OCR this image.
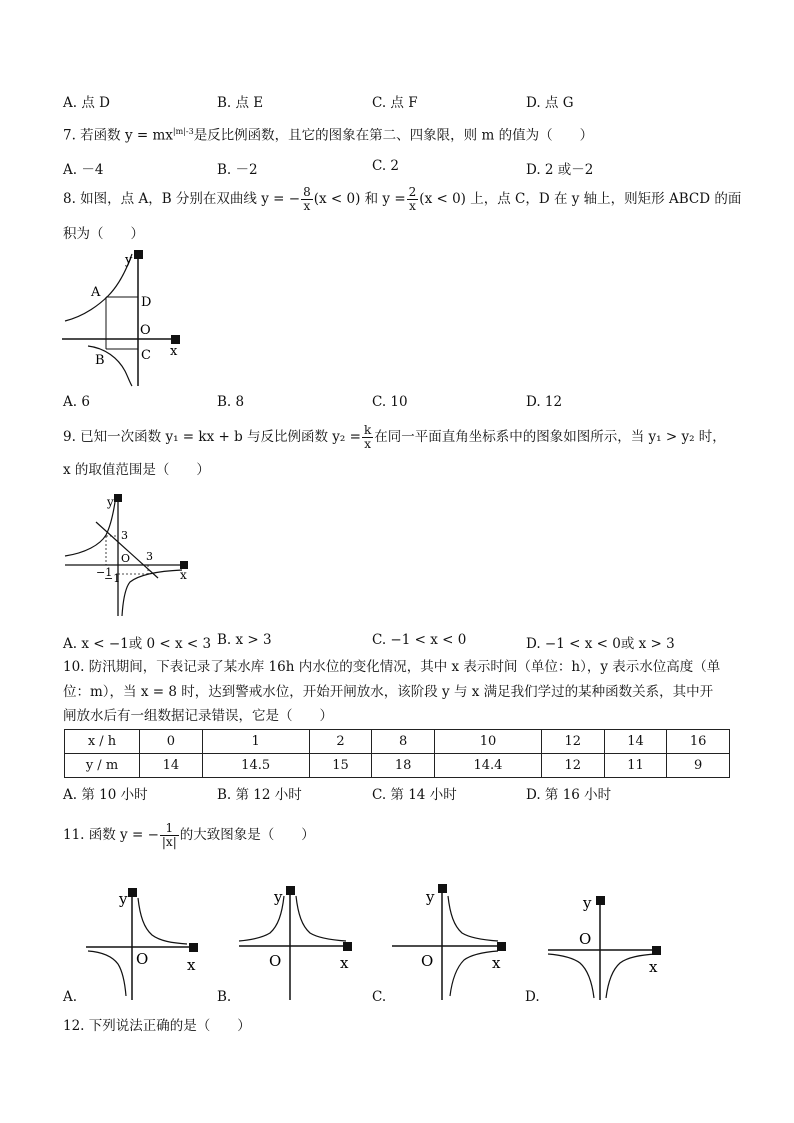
A. 点 D	B. 点 E	C. 点 F	D. 点 G
7. 若函数 $y = mx^{|m|-3}$是反比例函数，且它的图象在第二、四象限，则 m 的值为（　　）
A. －4	B. －2	C. 2	D. 2 或－2
8. 如图，点 A，B 分别在双曲线 y = − $\frac{8}{x} (x < 0)$ 和 $y = \frac{2}{x} (x < 0)$ 上，点 C，D 在 y 轴上，则矩形 ABCD 的面
积为（　　）
y
x
O
A
D
B	C
A. 6	B. 8	C. 10	D. 12
9. 已知一次函数 y₁ = kx + b 与反比例函数 $y_2 = \frac{k}{x}$ 在同一平面直角坐标系中的图象如图所示，当 y₁ > y₂ 时，
x 的取值范围是（　　）
y
x
O
3
3
−1
−1
A. x < −1或 0 < x < 3 B. x > 3	C. −1 < x < 0	D. −1 < x < 0或 x > 3
10. 防汛期间，下表记录了某水库 16h 内水位的变化情况，其中 x 表示时间（单位：h），y 表示水位高度（单
位：m），当 x = 8 时，达到警戒水位，开始开闸放水，该阶段 y 与 x 满足我们学过的某种函数关系，其中开
闸放水后有一组数据记录错误，它是（　　）
x / h	0	1	2	8	10	12	14	16
y / m	14	14.5	15	18	14.4	12	11	9
A. 第 10 小时	B. 第 12 小时	C. 第 14 小时	D. 第 16 小时
11. 函数 y = − $\frac{1}{|x|}$ 的大致图象是（　　）
y
x
O
A.
y
x
O
B.
y
x
O
C.
y
x
O
D.
12. 下列说法正确的是（　　）
